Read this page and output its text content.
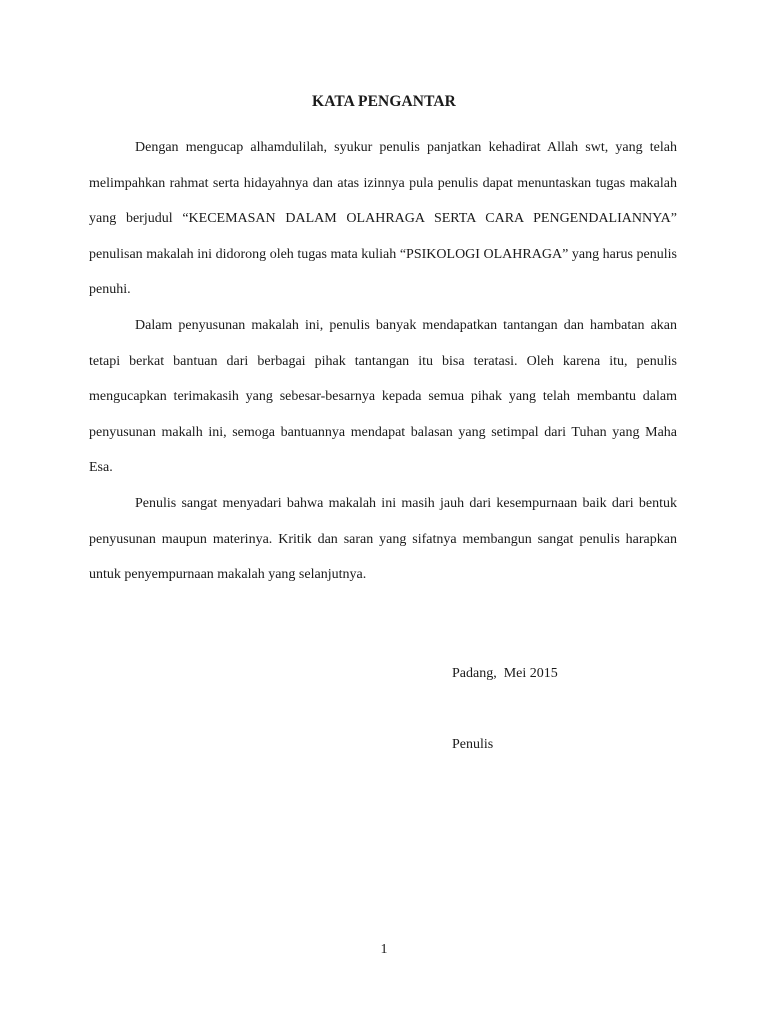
KATA PENGANTAR

Dengan mengucap alhamdulilah, syukur penulis panjatkan kehadirat Allah swt, yang telah melimpahkan rahmat serta hidayahnya dan atas izinnya pula penulis dapat menuntaskan tugas makalah yang berjudul “KECEMASAN DALAM OLAHRAGA SERTA CARA PENGENDALIANNYA” penulisan makalah ini didorong oleh tugas mata kuliah “PSIKOLOGI OLAHRAGA” yang harus penulis penuhi.

Dalam penyusunan makalah ini, penulis banyak mendapatkan tantangan dan hambatan akan tetapi berkat bantuan dari berbagai pihak tantangan itu bisa teratasi. Oleh karena itu, penulis mengucapkan terimakasih yang sebesar-besarnya kepada semua pihak yang telah membantu dalam penyusunan makalh ini, semoga bantuannya mendapat balasan yang setimpal dari Tuhan yang Maha Esa.

Penulis sangat menyadari bahwa makalah ini masih jauh dari kesempurnaan baik dari bentuk penyusunan maupun materinya. Kritik dan saran yang sifatnya membangun sangat penulis harapkan untuk penyempurnaan makalah yang selanjutnya.

Padang,  Mei 2015
Penulis
1
